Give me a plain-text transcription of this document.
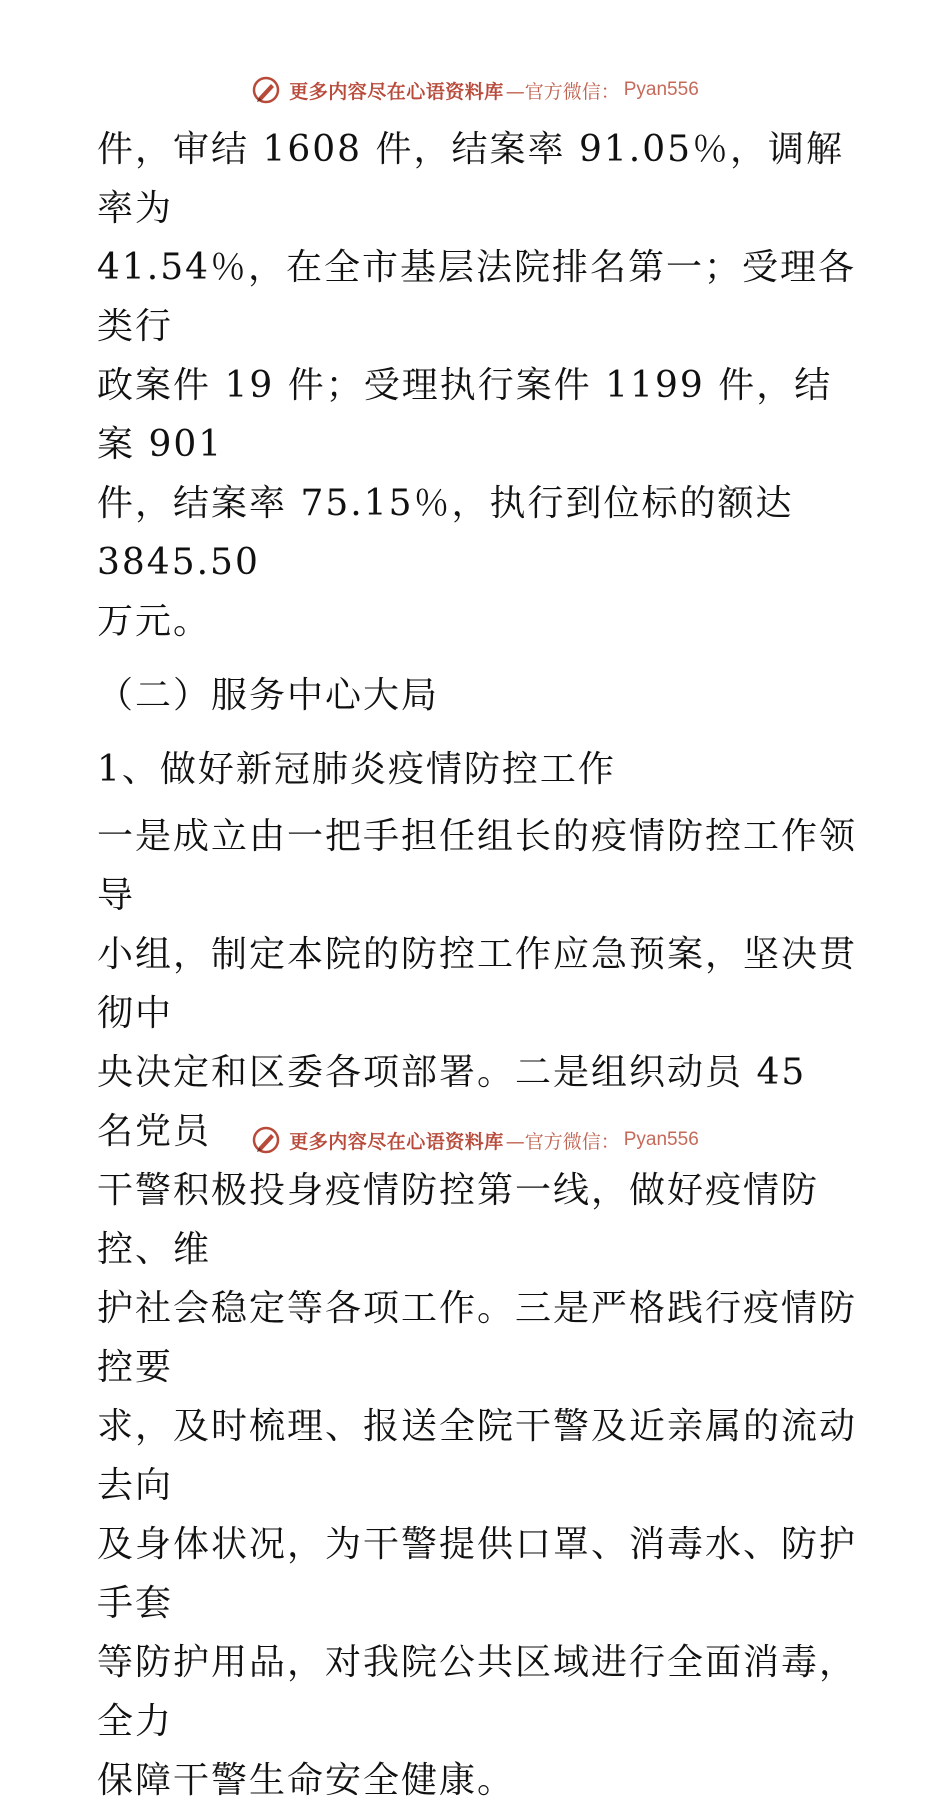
更多内容尽在心语资料库 —官方微信： Pyan556

件，审结 1608 件，结案率 91.05％，调解率为

41.54％，在全市基层法院排名第一；受理各类行

政案件 19 件；受理执行案件 1199 件，结案 901

件，结案率 75.15％，执行到位标的额达 3845.50

万元。

（二）服务中心大局

1、做好新冠肺炎疫情防控工作

一是成立由一把手担任组长的疫情防控工作领导

小组，制定本院的防控工作应急预案，坚决贯彻中

央决定和区委各项部署。二是组织动员 45 名党员

干警积极投身疫情防控第一线，做好疫情防控、维

护社会稳定等各项工作。三是严格践行疫情防控要

求，及时梳理、报送全院干警及近亲属的流动去向

及身体状况，为干警提供口罩、消毒水、防护手套

等防护用品，对我院公共区域进行全面消毒，全力

保障干警生命安全健康。

更多内容尽在心语资料库 —官方微信： Pyan556
